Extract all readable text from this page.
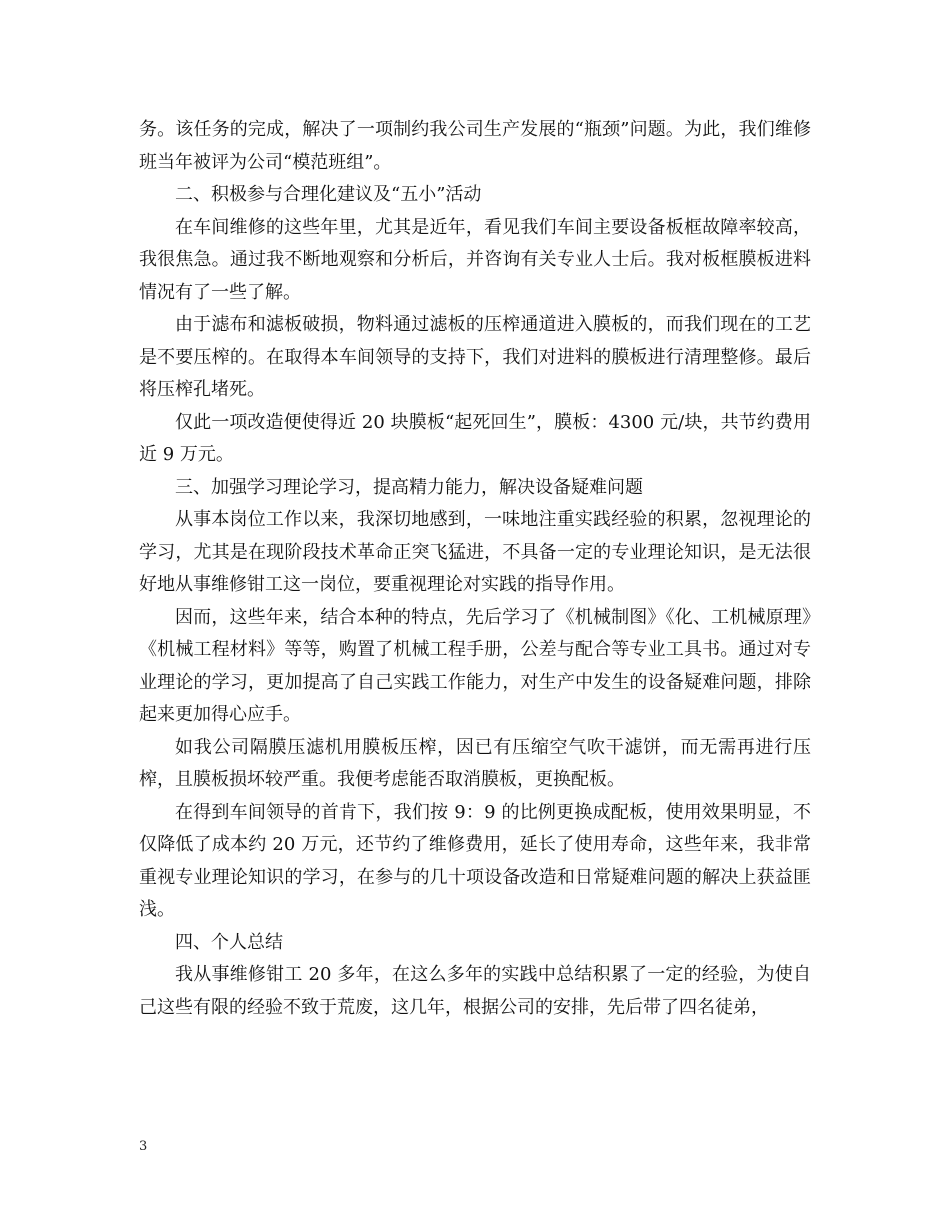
务。该任务的完成，解决了一项制约我公司生产发展的“瓶颈”问题。为此，我们维修班当年被评为公司“模范班组”。

二、积极参与合理化建议及“五小”活动

在车间维修的这些年里，尤其是近年，看见我们车间主要设备板框故障率较高，我很焦急。通过我不断地观察和分析后，并咨询有关专业人士后。我对板框膜板进料情况有了一些了解。

由于滤布和滤板破损，物料通过滤板的压榨通道进入膜板的，而我们现在的工艺是不要压榨的。在取得本车间领导的支持下，我们对进料的膜板进行清理整修。最后将压榨孔堵死。

仅此一项改造便使得近 20 块膜板“起死回生”，膜板：4300 元/块，共节约费用近 9 万元。

三、加强学习理论学习，提高精力能力，解决设备疑难问题

从事本岗位工作以来，我深切地感到，一味地注重实践经验的积累，忽视理论的学习，尤其是在现阶段技术革命正突飞猛进，不具备一定的专业理论知识，是无法很好地从事维修钳工这一岗位，要重视理论对实践的指导作用。

因而，这些年来，结合本种的特点，先后学习了《机械制图》《化、工机械原理》《机械工程材料》等等，购置了机械工程手册，公差与配合等专业工具书。通过对专业理论的学习，更加提高了自己实践工作能力，对生产中发生的设备疑难问题，排除起来更加得心应手。

如我公司隔膜压滤机用膜板压榨，因已有压缩空气吹干滤饼，而无需再进行压榨，且膜板损坏较严重。我便考虑能否取消膜板，更换配板。

在得到车间领导的首肯下，我们按 9：9 的比例更换成配板，使用效果明显，不仅降低了成本约 20 万元，还节约了维修费用，延长了使用寿命，这些年来，我非常重视专业理论知识的学习，在参与的几十项设备改造和日常疑难问题的解决上获益匪浅。

四、个人总结

我从事维修钳工 20 多年，在这么多年的实践中总结积累了一定的经验，为使自己这些有限的经验不致于荒废，这几年，根据公司的安排，先后带了四名徒弟，

3
